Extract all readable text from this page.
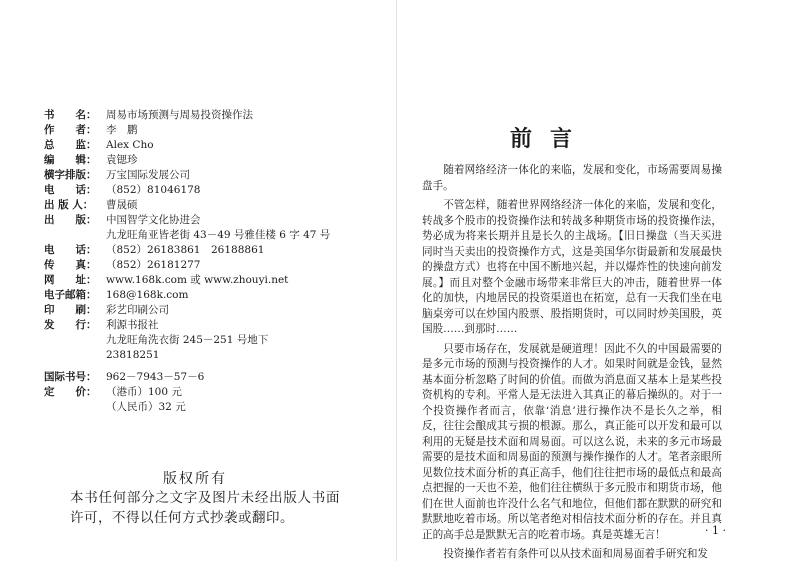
书　　名： 周易市场预测与周易投资操作法
作　　者： 李　鹏
总　　监： Alex Cho
编　　辑： 袁锶珍
横字排版： 万宝国际发展公司
电　　话： （852）81046178
出 版 人：	曹晟硕
出　　版： 中国智学文化协进会
九龙旺角亚皆老街 43－49 号雅佳楼 6 字 47 号
电　　话： （852）26183861　26188861
传　　真： （852）26181277
网　　址： www.168k.com 或 www.zhouyi.net
电子邮箱： 168@168k.com
印　　刷： 彩艺印刷公司
发　　行： 利源书报社
九龙旺角洗衣街 245－251 号地下
23818251
国际书号： 962－7943－57－6
定　　价： （港币）100 元
（人民币）32 元
版权所有
本书任何部分之文字及图片未经出版人书面许可，不得以任何方式抄袭或翻印。
前言

随着网络经济一体化的来临，发展和变化，市场需要周易操盘手。

不管怎样，随着世界网络经济一体化的来临，发展和变化，转战多个股市的投资操作法和转战多种期货市场的投资操作法，势必成为将来长期并且是长久的主战场。【旧日操盘（当天买进同时当天卖出的投资操作方式，这是美国华尔街最新和发展最快的操盘方式）也将在中国不断地兴起，并以爆炸性的快速向前发展。】而且对整个金融市场带来非常巨大的冲击，随着世界一体化的加快，内地居民的投资渠道也在拓宽，总有一天我们坐在电脑桌旁可以在炒国内股票、股指期货时，可以同时炒美国股，英国股……到那时……

只要市场存在，发展就是硬道理！因此不久的中国最需要的是多元市场的预测与投资操作的人才。如果时间就是金钱，显然基本面分析忽略了时间的价值。而做为消息面又基本上是某些投资机构的专利。平常人是无法进入其真正的幕后操纵的。对于一个投资操作者而言，依靠‘消息’进行操作决不是长久之举，相反，往往会酿成其亏损的根源。那么，真正能可以开发和最可以利用的无疑是技术面和周易面。可以这么说，未来的多元市场最需要的是技术面和周易面的预测与操作操作的人才。笔者亲眼所见数位技术面分析的真正高手，他们往往把市场的最低点和最高点把握的一天也不差，他们往往横纵于多元股市和期货市场，他们在世人面前也许没什么名气和地位，但他们都在默默的研究和默默地吃着市场。所以笔者绝对相信技术面分析的存在。并且真正的高手总是默默无言的吃着市场。真是英雄无言！

投资操作者若有条件可以从技术面和周易面着手研究和发

· 1 ·
